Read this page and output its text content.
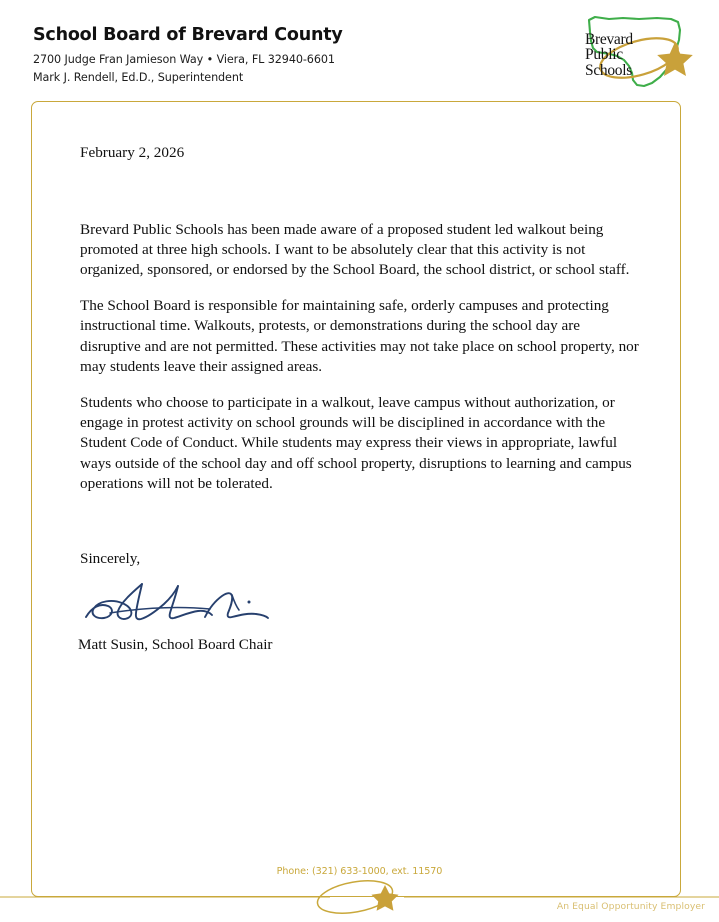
School Board of Brevard County
2700 Judge Fran Jamieson Way • Viera, FL 32940-6601
Mark J. Rendell, Ed.D., Superintendent
Brevard
Public
Schools
February 2, 2026

Brevard Public Schools has been made aware of a proposed student led walkout being promoted at three high schools. I want to be absolutely clear that this activity is not organized, sponsored, or endorsed by the School Board, the school district, or school staff.

The School Board is responsible for maintaining safe, orderly campuses and protecting instructional time. Walkouts, protests, or demonstrations during the school day are disruptive and are not permitted. These activities may not take place on school property, nor may students leave their assigned areas.

Students who choose to participate in a walkout, leave campus without authorization, or engage in protest activity on school grounds will be disciplined in accordance with the Student Code of Conduct. While students may express their views in appropriate, lawful ways outside of the school day and off school property, disruptions to learning and campus operations will not be tolerated.

Sincerely,
Matt Susin, School Board Chair
Phone: (321) 633-1000, ext. 11570
An Equal Opportunity Employer
